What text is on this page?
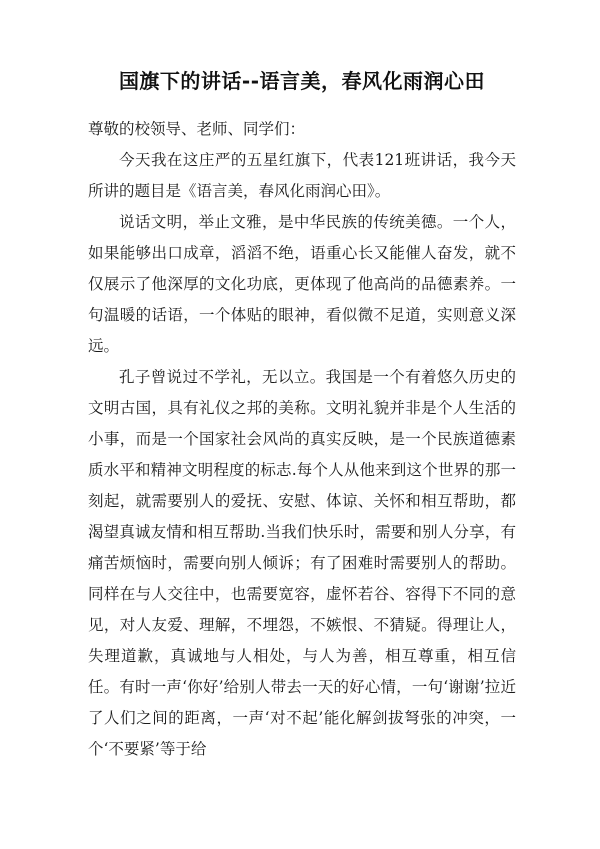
国旗下的讲话--语言美，春风化雨润心田

尊敬的校领导、老师、同学们：

今天我在这庄严的五星红旗下，代表121班讲话，我今天所讲的题目是《语言美，春风化雨润心田》。

说话文明，举止文雅，是中华民族的传统美德。一个人，如果能够出口成章，滔滔不绝，语重心长又能催人奋发，就不仅展示了他深厚的文化功底，更体现了他高尚的品德素养。一句温暖的话语，一个体贴的眼神，看似微不足道，实则意义深远。

孔子曾说过不学礼，无以立。我国是一个有着悠久历史的文明古国，具有礼仪之邦的美称。文明礼貌并非是个人生活的小事，而是一个国家社会风尚的真实反映，是一个民族道德素质水平和精神文明程度的标志.每个人从他来到这个世界的那一刻起，就需要别人的爱抚、安慰、体谅、关怀和相互帮助，都渴望真诚友情和相互帮助.当我们快乐时，需要和别人分享，有痛苦烦恼时，需要向别人倾诉；有了困难时需要别人的帮助。同样在与人交往中，也需要宽容，虚怀若谷、容得下不同的意见，对人友爱、理解，不埋怨，不嫉恨、不猜疑。得理让人，失理道歉，真诚地与人相处，与人为善，相互尊重，相互信任。有时一声‘你好’给别人带去一天的好心情，一句‘谢谢’拉近了人们之间的距离，一声‘对不起’能化解剑拔弩张的冲突，一个‘不要紧’等于给
